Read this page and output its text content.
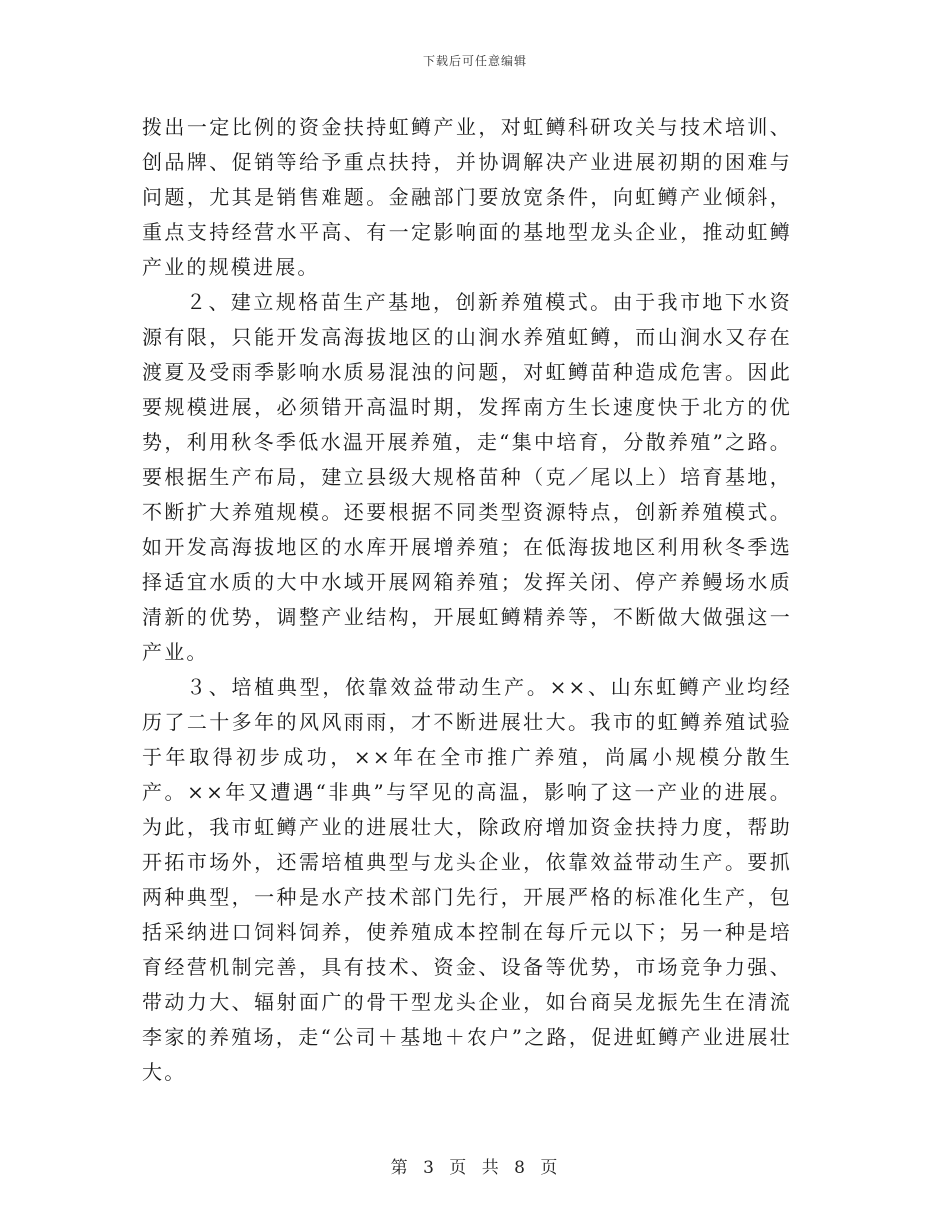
下载后可任意编辑

拨出一定比例的资金扶持虹鳟产业，对虹鳟科研攻关与技术培训、创品牌、促销等给予重点扶持，并协调解决产业进展初期的困难与问题，尤其是销售难题。金融部门要放宽条件，向虹鳟产业倾斜，重点支持经营水平高、有一定影响面的基地型龙头企业，推动虹鳟产业的规模进展。

２、建立规格苗生产基地，创新养殖模式。由于我市地下水资源有限，只能开发高海拔地区的山涧水养殖虹鳟，而山涧水又存在渡夏及受雨季影响水质易混浊的问题，对虹鳟苗种造成危害。因此要规模进展，必须错开高温时期，发挥南方生长速度快于北方的优势，利用秋冬季低水温开展养殖，走“集中培育，分散养殖”之路。要根据生产布局，建立县级大规格苗种（克／尾以上）培育基地，不断扩大养殖规模。还要根据不同类型资源特点，创新养殖模式。如开发高海拔地区的水库开展增养殖；在低海拔地区利用秋冬季选择适宜水质的大中水域开展网箱养殖；发挥关闭、停产养鳗场水质清新的优势，调整产业结构，开展虹鳟精养等，不断做大做强这一产业。

３、培植典型，依靠效益带动生产。××、山东虹鳟产业均经历了二十多年的风风雨雨，才不断进展壮大。我市的虹鳟养殖试验于年取得初步成功，××年在全市推广养殖，尚属小规模分散生产。××年又遭遇“非典”与罕见的高温，影响了这一产业的进展。为此，我市虹鳟产业的进展壮大，除政府增加资金扶持力度，帮助开拓市场外，还需培植典型与龙头企业，依靠效益带动生产。要抓两种典型，一种是水产技术部门先行，开展严格的标准化生产，包括采纳进口饲料饲养，使养殖成本控制在每斤元以下；另一种是培育经营机制完善，具有技术、资金、设备等优势，市场竞争力强、带动力大、辐射面广的骨干型龙头企业，如台商吴龙振先生在清流李家的养殖场，走“公司＋基地＋农户”之路，促进虹鳟产业进展壮大。

第 3 页 共 8 页
